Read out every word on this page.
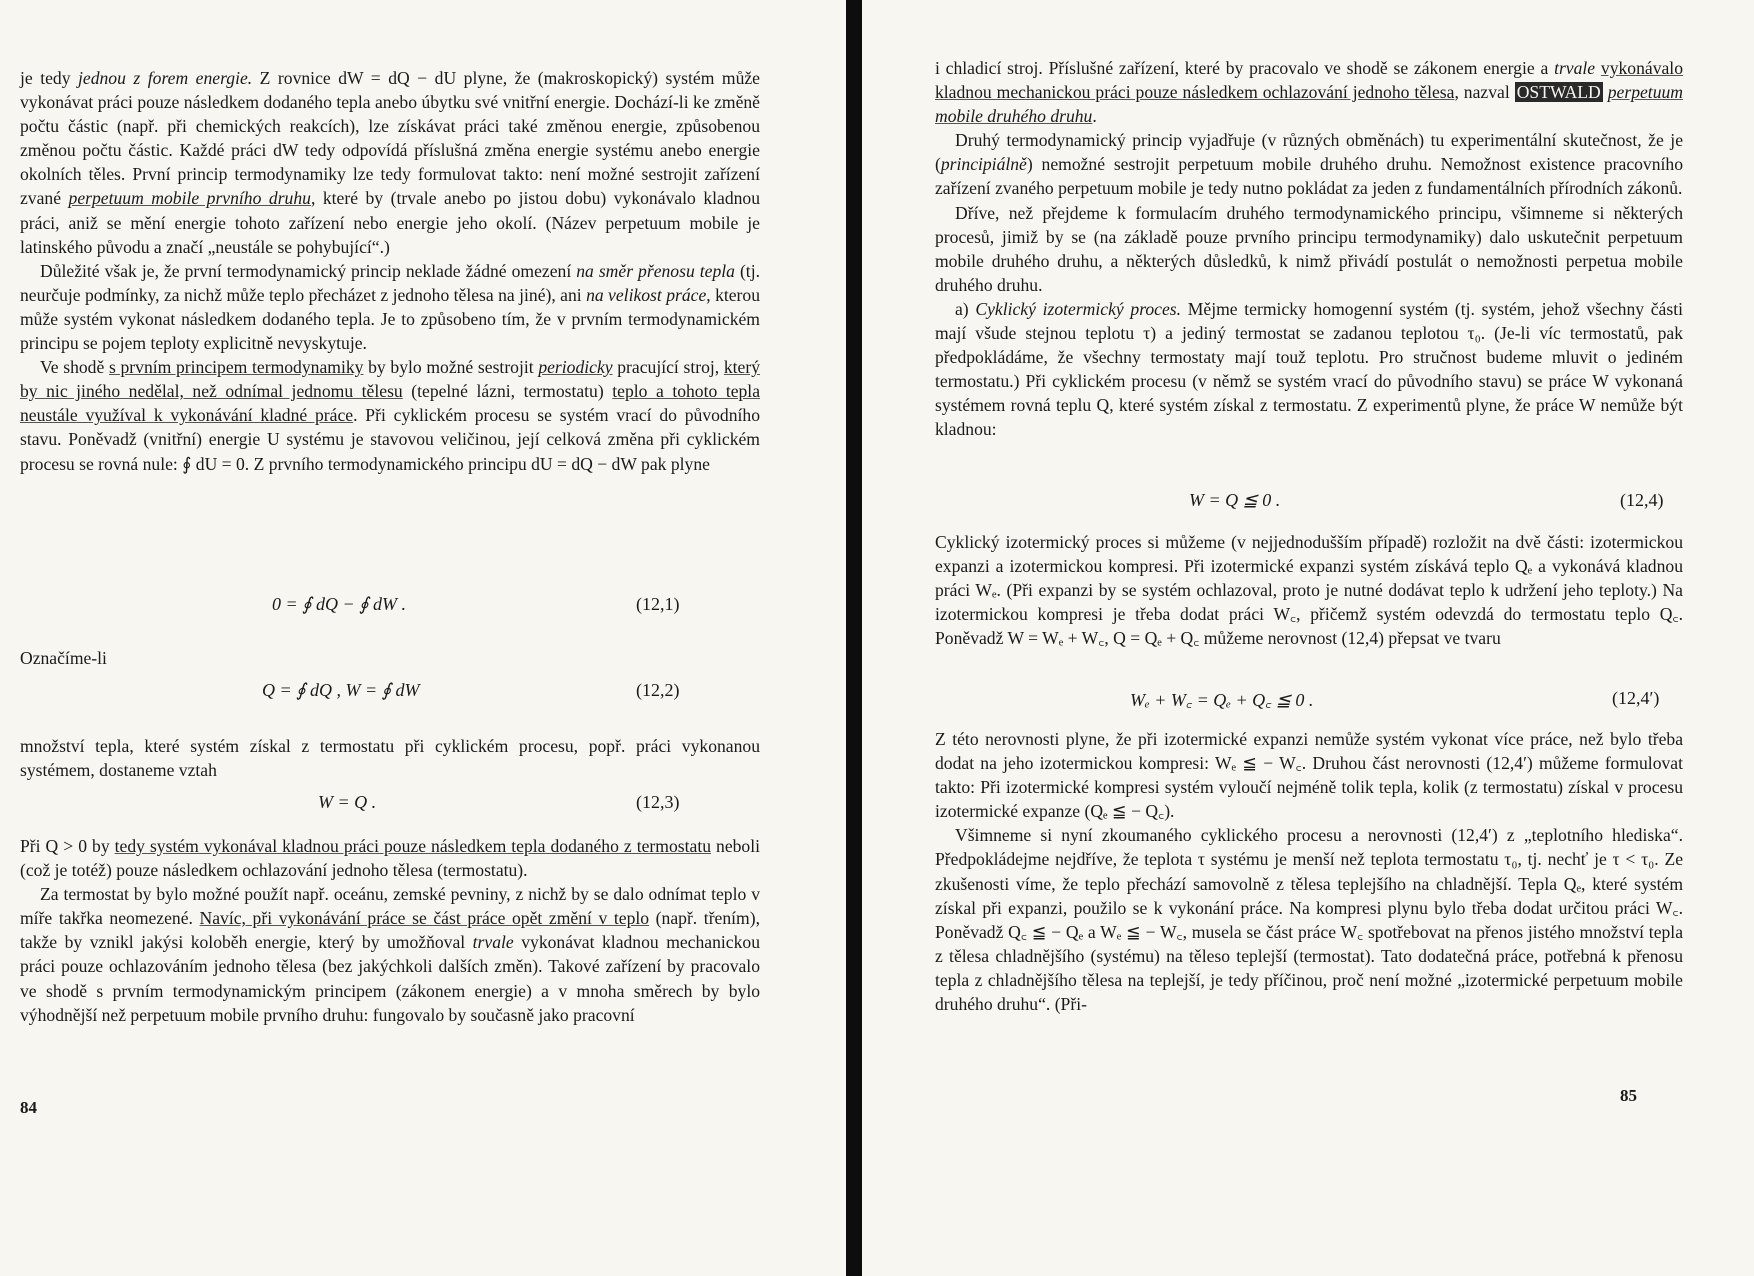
je tedy jednou z forem energie. Z rovnice dW = dQ − dU plyne, že (makroskopický) systém může vykonávat práci pouze následkem dodaného tepla anebo úbytku své vnitřní energie. Dochází-li ke změně počtu částic (např. při chemických reakcích), lze získávat práci také změnou energie, způsobenou změnou počtu částic. Každé práci dW tedy odpovídá příslušná změna energie systému anebo energie okolních těles. První princip termodynamiky lze tedy formulovat takto: není možné sestrojit zařízení zvané perpetuum mobile prvního druhu, které by (trvale anebo po jistou dobu) vykonávalo kladnou práci, aniž se mění energie tohoto zařízení nebo energie jeho okolí. (Název perpetuum mobile je latinského původu a značí „neustále se pohybující“.)

Důležité však je, že první termodynamický princip neklade žádné omezení na směr přenosu tepla (tj. neurčuje podmínky, za nichž může teplo přecházet z jednoho tělesa na jiné), ani na velikost práce, kterou může systém vykonat následkem dodaného tepla. Je to způsobeno tím, že v prvním termodynamickém principu se pojem teploty explicitně nevyskytuje.

Ve shodě s prvním principem termodynamiky by bylo možné sestrojit periodicky pracující stroj, který by nic jiného nedělal, než odnímal jednomu tělesu (tepelné lázni, termostatu) teplo a tohoto tepla neustále využíval k vykonávání kladné práce. Při cyklickém procesu se systém vrací do původního stavu. Poněvadž (vnitřní) energie U systému je stavovou veličinou, její celková změna při cyklickém procesu se rovná nule: ∮ dU = 0. Z prvního termodynamického principu dU = dQ − dW pak plyne

0 = ∮ dQ − ∮ dW .	(12,1)
Označíme-li
Q = ∮ dQ , W = ∮ dW	(12,2)

množství tepla, které systém získal z termostatu při cyklickém procesu, popř. práci vykonanou systémem, dostaneme vztah

W = Q .	(12,3)

Při Q > 0 by tedy systém vykonával kladnou práci pouze následkem tepla dodaného z termostatu neboli (což je totéž) pouze následkem ochlazování jednoho tělesa (termostatu).

Za termostat by bylo možné použít např. oceánu, zemské pevniny, z nichž by se dalo odnímat teplo v míře takřka neomezené. Navíc, při vykonávání práce se část práce opět změní v teplo (např. třením), takže by vznikl jakýsi koloběh energie, který by umožňoval trvale vykonávat kladnou mechanickou práci pouze ochlazováním jednoho tělesa (bez jakýchkoli dalších změn). Takové zařízení by pracovalo ve shodě s prvním termodynamickým principem (zákonem energie) a v mnoha směrech by bylo výhodnější než perpetuum mobile prvního druhu: fungovalo by současně jako pracovní

84

i chladicí stroj. Příslušné zařízení, které by pracovalo ve shodě se zákonem energie a trvale vykonávalo kladnou mechanickou práci pouze následkem ochlazování jednoho tělesa, nazval OSTWALD perpetuum mobile druhého druhu.

Druhý termodynamický princip vyjadřuje (v různých obměnách) tu experimentální skutečnost, že je (principiálně) nemožné sestrojit perpetuum mobile druhého druhu. Nemožnost existence pracovního zařízení zvaného perpetuum mobile je tedy nutno pokládat za jeden z fundamentálních přírodních zákonů.

Dříve, než přejdeme k formulacím druhého termodynamického principu, všimneme si některých procesů, jimiž by se (na základě pouze prvního principu termodynamiky) dalo uskutečnit perpetuum mobile druhého druhu, a některých důsledků, k nimž přivádí postulát o nemožnosti perpetua mobile druhého druhu.

a) Cyklický izotermický proces. Mějme termicky homogenní systém (tj. systém, jehož všechny části mají všude stejnou teplotu τ) a jediný termostat se zadanou teplotou τ₀. (Je-li víc termostatů, pak předpokládáme, že všechny termostaty mají touž teplotu. Pro stručnost budeme mluvit o jediném termostatu.) Při cyklickém procesu (v němž se systém vrací do původního stavu) se práce W vykonaná systémem rovná teplu Q, které systém získal z termostatu. Z experimentů plyne, že práce W nemůže být kladnou:

W = Q ≦ 0 .	(12,4)

Cyklický izotermický proces si můžeme (v nejjednodušším případě) rozložit na dvě části: izotermickou expanzi a izotermickou kompresi. Při izotermické expanzi systém získává teplo Qₑ a vykonává kladnou práci Wₑ. (Při expanzi by se systém ochlazoval, proto je nutné dodávat teplo k udržení jeho teploty.) Na izotermickou kompresi je třeba dodat práci W꜀, přičemž systém odevzdá do termostatu teplo Q꜀. Poněvadž W = Wₑ + W꜀, Q = Qₑ + Q꜀ můžeme nerovnost (12,4) přepsat ve tvaru

Wₑ + W꜀ = Qₑ + Q꜀ ≦ 0 .	(12,4′)

Z této nerovnosti plyne, že při izotermické expanzi nemůže systém vykonat více práce, než bylo třeba dodat na jeho izotermickou kompresi: Wₑ ≦ − W꜀. Druhou část nerovnosti (12,4′) můžeme formulovat takto: Při izotermické kompresi systém vyloučí nejméně tolik tepla, kolik (z termostatu) získal v procesu izotermické expanze (Qₑ ≦ − Q꜀).

Všimneme si nyní zkoumaného cyklického procesu a nerovnosti (12,4′) z „teplotního hlediska“. Předpokládejme nejdříve, že teplota τ systému je menší než teplota termostatu τ₀, tj. nechť je τ < τ₀. Ze zkušenosti víme, že teplo přechází samovolně z tělesa teplejšího na chladnější. Tepla Qₑ, které systém získal při expanzi, použilo se k vykonání práce. Na kompresi plynu bylo třeba dodat určitou práci W꜀. Poněvadž Q꜀ ≦ − Qₑ a Wₑ ≦ − W꜀, musela se část práce W꜀ spotřebovat na přenos jistého množství tepla z tělesa chladnějšího (systému) na těleso teplejší (termostat). Tato dodatečná práce, potřebná k přenosu tepla z chladnějšího tělesa na teplejší, je tedy příčinou, proč není možné „izotermické perpetuum mobile druhého druhu“. (Při-

85
